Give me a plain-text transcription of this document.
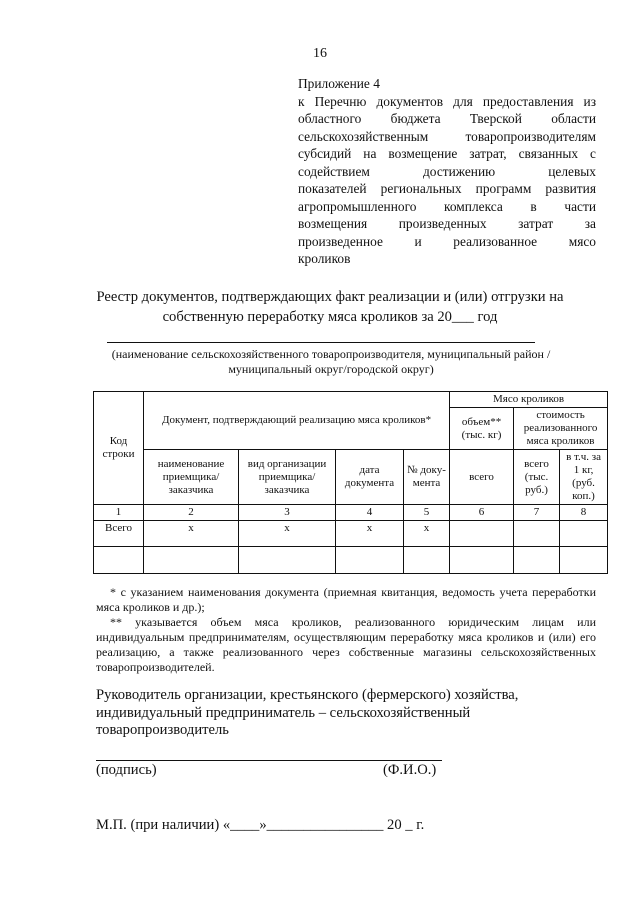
16
Приложение 4
к Перечню документов для предоставления из
областного бюджета Тверской области
сельскохозяйственным товаропроизводителям
субсидий на возмещение затрат, связанных с
содействием достижению целевых
показателей региональных программ развития
агропромышленного комплекса в части
возмещения произведенных затрат за
произведенное и реализованное мясо
кроликов
Реестр документов, подтверждающих факт реализации и (или) отгрузки на
собственную переработку мяса кроликов за 20___ год
(наименование сельскохозяйственного товаропроизводителя, муниципальный район /
муниципальный округ/городской округ)
Код строки	Документ, подтверждающий реализацию мяса кроликов*				Мясо кроликов		
					объем** (тыс. кг)	стоимость реализованного мяса кроликов	
	наименование приемщика/ заказчика	вид организации приемщика/ заказчика	дата документа	№ доку- мента	всего	всего (тыс. руб.)	в т.ч. за 1 кг, (руб. коп.)
1	2	3	4	5	6	7	8
Всего	x	x	x	x			

* с указанием наименования документа (приемная квитанция, ведомость учета переработки мяса кроликов и др.);
** указывается объем мяса кроликов, реализованного юридическим лицам или индивидуальным предпринимателям, осуществляющим переработку мяса кроликов и (или) его реализацию, а также реализованного через собственные магазины сельскохозяйственных товаропроизводителей.
Руководитель организации, крестьянского (фермерского) хозяйства,
индивидуальный предприниматель – сельскохозяйственный
товаропроизводитель
(подпись)	(Ф.И.О.)
М.П. (при наличии) «____»________________ 20 _ г.
